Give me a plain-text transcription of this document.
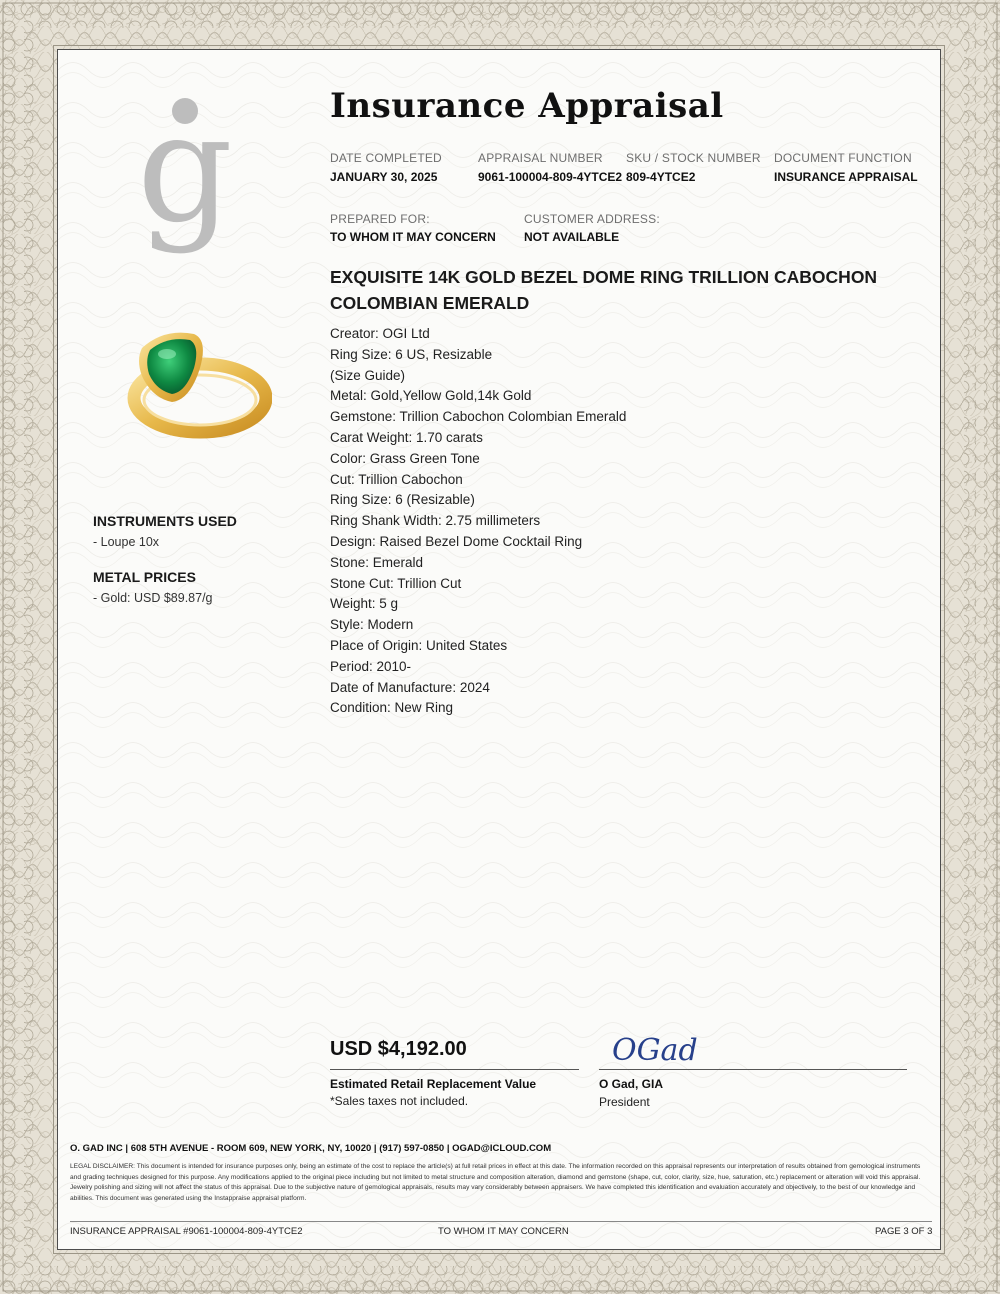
g	Insurance Appraisal
DATE COMPLETED
JANUARY 30, 2025
APPRAISAL NUMBER
9061-100004-809-4YTCE2
SKU / STOCK NUMBER
809-4YTCE2
DOCUMENT FUNCTION
INSURANCE APPRAISAL
PREPARED FOR:
TO WHOM IT MAY CONCERN
CUSTOMER ADDRESS:
NOT AVAILABLE
EXQUISITE 14K GOLD BEZEL DOME RING TRILLION CABOCHON
COLOMBIAN EMERALD
Creator: OGI Ltd
Ring Size: 6 US, Resizable
(Size Guide)
Metal: Gold,Yellow Gold,14k Gold
Gemstone: Trillion Cabochon Colombian Emerald
Carat Weight: 1.70 carats
Color: Grass Green Tone
Cut: Trillion Cabochon
Ring Size: 6 (Resizable)
Ring Shank Width: 2.75 millimeters
Design: Raised Bezel Dome Cocktail Ring
Stone: Emerald
Stone Cut: Trillion Cut
Weight: 5 g
Style: Modern
Place of Origin: United States
Period: 2010-
Date of Manufacture: 2024
Condition: New Ring
INSTRUMENTS USED
- Loupe 10x
METAL PRICES
- Gold: USD $89.87/g
USD $4,192.00
Estimated Retail Replacement Value
*Sales taxes not included.
OGad
O Gad, GIA
President
O. GAD INC | 608 5TH AVENUE - ROOM 609, NEW YORK, NY, 10020 | (917) 597-0850 | OGAD@ICLOUD.COM
LEGAL DISCLAIMER: This document is intended for insurance purposes only, being an estimate of the cost to replace the article(s) at full retail prices in effect at this date. The information recorded on this appraisal represents our interpretation of results obtained from gemological instruments and grading techniques designed for this purpose. Any modifications applied to the original piece including but not limited to metal structure and composition alteration, diamond and gemstone (shape, cut, color, clarity, size, hue, saturation, etc.) replacement or alteration will void this appraisal. Jewelry polishing and sizing will not affect the status of this appraisal. Due to the subjective nature of gemological appraisals, results may vary considerably between appraisers. We have completed this identification and evaluation accurately and objectively, to the best of our knowledge and abilities. This document was generated using the Instappraise appraisal platform.
INSURANCE APPRAISAL #9061-100004-809-4YTCE2	TO WHOM IT MAY CONCERN	PAGE 3 OF 3
